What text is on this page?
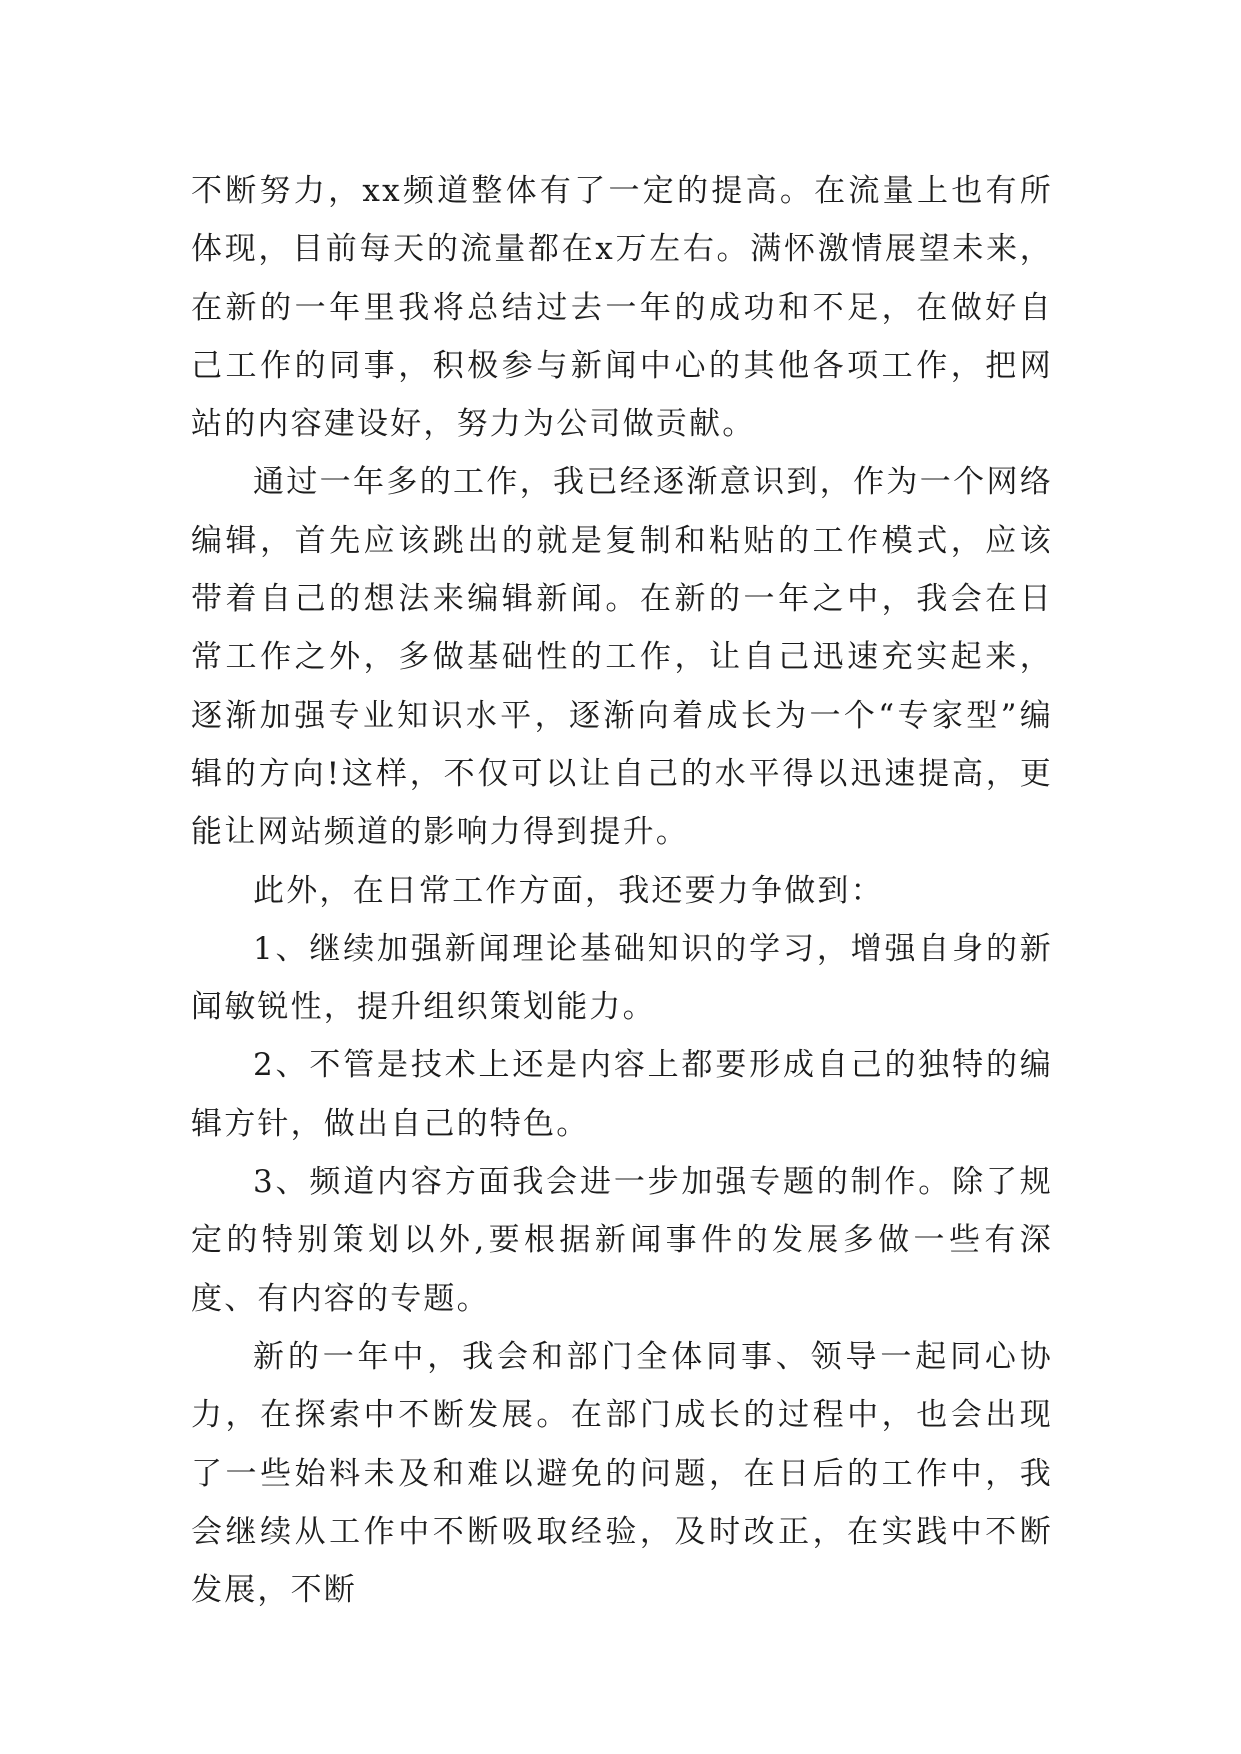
不断努力，xx频道整体有了一定的提高。在流量上也有所体现，目前每天的流量都在x万左右。满怀激情展望未来，在新的一年里我将总结过去一年的成功和不足，在做好自己工作的同事，积极参与新闻中心的其他各项工作，把网站的内容建设好，努力为公司做贡献。

通过一年多的工作，我已经逐渐意识到，作为一个网络编辑，首先应该跳出的就是复制和粘贴的工作模式，应该带着自己的想法来编辑新闻。在新的一年之中，我会在日常工作之外，多做基础性的工作，让自己迅速充实起来，逐渐加强专业知识水平，逐渐向着成长为一个“专家型”编辑的方向!这样，不仅可以让自己的水平得以迅速提高，更能让网站频道的影响力得到提升。

此外，在日常工作方面，我还要力争做到：

1、继续加强新闻理论基础知识的学习，增强自身的新闻敏锐性，提升组织策划能力。

2、不管是技术上还是内容上都要形成自己的独特的编辑方针，做出自己的特色。

3、频道内容方面我会进一步加强专题的制作。除了规定的特别策划以外,要根据新闻事件的发展多做一些有深度、有内容的专题。

新的一年中，我会和部门全体同事、领导一起同心协力，在探索中不断发展。在部门成长的过程中，也会出现了一些始料未及和难以避免的问题，在日后的工作中，我会继续从工作中不断吸取经验，及时改正，在实践中不断发展，不断
